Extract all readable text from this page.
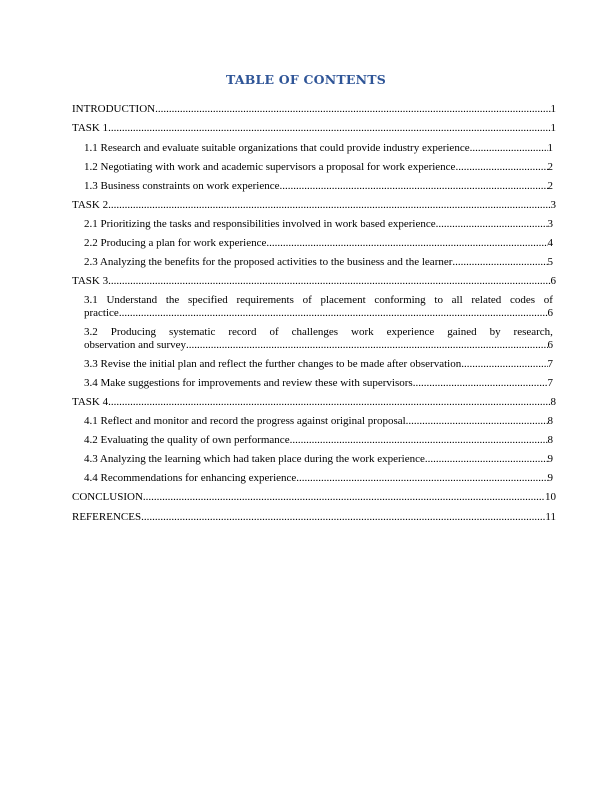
TABLE OF CONTENTS
INTRODUCTION .....	1
TASK 1 .....	1
1.1 Research and evaluate suitable organizations that could provide industry experience .....	1
1.2 Negotiating with work and academic supervisors a proposal for work experience .....	2
1.3 Business constraints on work experience .....	2
TASK 2 .....	3
2.1 Prioritizing the tasks and responsibilities involved in work based experience .....	3
2.2 Producing a plan for work experience .....	4
2.3 Analyzing the benefits for the proposed activities to the business and the learner .....	5
TASK 3 .....	6
3.1 Understand the specified requirements of placement conforming to all related codes of
practice .....	6
3.2 Producing systematic record of challenges work experience gained by research,
observation and survey .....	6
3.3 Revise the initial plan and reflect the further changes to be made after observation .....	7
3.4 Make suggestions for improvements and review these with supervisors .....	7
TASK 4 .....	8
4.1 Reflect and monitor and record the progress against original proposal .....	8
4.2 Evaluating the quality of own performance .....	8
4.3 Analyzing the learning which had taken place during the work experience .....	9
4.4 Recommendations for enhancing experience .....	9
CONCLUSION .....	10
REFERENCES .....	11
